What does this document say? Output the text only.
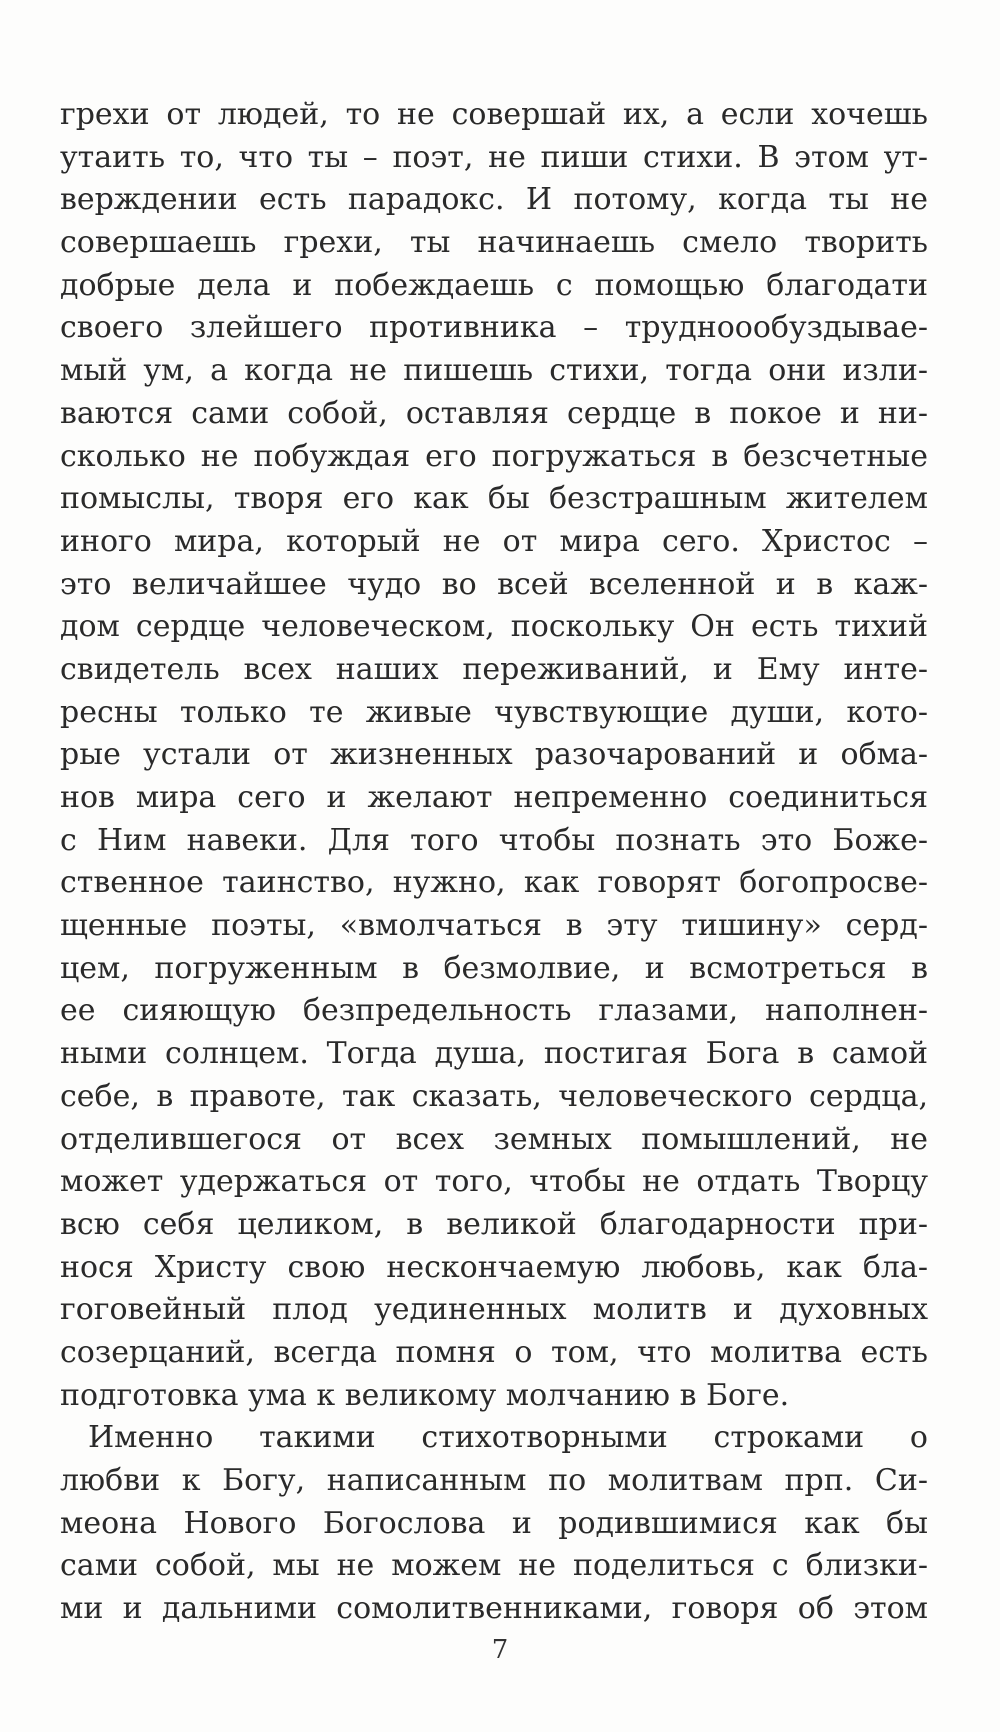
грехи от людей, то не совершай их, а если хочешь
утаить то, что ты – поэт, не пиши стихи. В этом ут-
верждении есть парадокс. И потому, когда ты не
совершаешь грехи, ты начинаешь смело творить
добрые дела и побеждаешь с помощью благодати
своего злейшего противника – трудноообуздывае-
мый ум, а когда не пишешь стихи, тогда они изли-
ваются сами собой, оставляя сердце в покое и ни-
сколько не побуждая его погружаться в безсчетные
помыслы, творя его как бы безстрашным жителем
иного мира, который не от мира сего. Христос –
это величайшее чудо во всей вселенной и в каж-
дом сердце человеческом, поскольку Он есть тихий
свидетель всех наших переживаний, и Ему инте-
ресны только те живые чувствующие души, кото-
рые устали от жизненных разочарований и обма-
нов мира сего и желают непременно соединиться
с Ним навеки. Для того чтобы познать это Боже-
ственное таинство, нужно, как говорят богопросве-
щенные поэты, «вмолчаться в эту тишину» серд-
цем, погруженным в безмолвие, и всмотреться в
ее сияющую безпредельность глазами, наполнен-
ными солнцем. Тогда душа, постигая Бога в самой
себе, в правоте, так сказать, человеческого сердца,
отделившегося от всех земных помышлений, не
может удержаться от того, чтобы не отдать Творцу
всю себя целиком, в великой благодарности при-
нося Христу свою нескончаемую любовь, как бла-
гоговейный плод уединенных молитв и духовных
созерцаний, всегда помня о том, что молитва есть
подготовка ума к великому молчанию в Боге.
Именно такими стихотворными строками о
любви к Богу, написанным по молитвам прп. Си-
меона Нового Богослова и родившимися как бы
сами собой, мы не можем не поделиться с близки-
ми и дальними сомолитвенниками, говоря об этом
7
